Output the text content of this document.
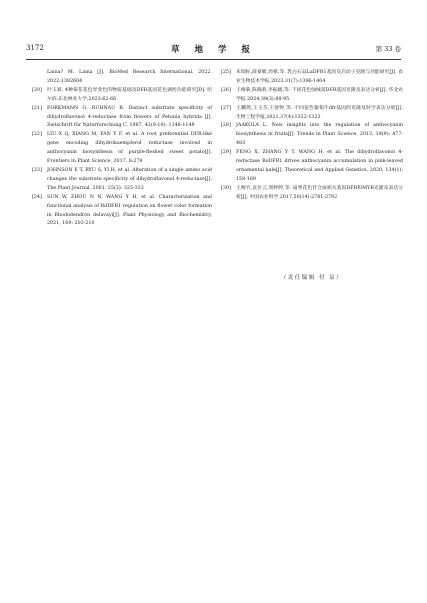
3172	草 地 学 报	第 33 卷
Laina? M. Laina [J]. BioMed Research International, 2022, 2022:1382604
[20] 叶玉斌. 4种菊花花色异变色的物质基础及DFR基因花色调控功能研究[D]. 哈尔滨:东北林业大学,2023:62-66
[21] FORKMANN G, RUHNAU B. Distinct substrate specificity of dihydroflavonol 4-reductase from flowers of Petunia hybrida [J]. Zeitschrift für Naturforschung C, 1987, 42(9-10): 1146-1148
[22] LIU X Q, XIANG M, FAN Y F, et al. A root preferential DFR-like gene encoding dihydrokaempferol reductase involved in anthocyanin biosynthesis of purple-fleshed sweet potato[J]. Frontiers in Plant Science, 2017, 8:279
[23] JOHNSON E T, RYU S, YI H, et al. Alteration of a single amino acid changes the substrate specificity of dihydroflavonol 4-reductase[J]. The Plant Journal, 2001, 25(3): 325-333
[24] SUN W, ZHOU N N, WANG Y H, et al. Characterization and functional analysis of RdDFR1 regulation on flower color formation in Rhododendron delavayi[J]. Plant Physiology and Biochemistry, 2021, 169: 203-210
[25] 朱瑞标,薛嘉敏,周祺,等. 乳白石蒜LaDFR1基因及启动子克隆与功能研究[J]. 农业生物技术学报,2023,31(7):1396-1404
[26] 王梅菊,陈晓莉,李振媛,等. 不同花色绿绒蒿DFR基因克隆及表达分析[J]. 华北农学报,2024,39(3):88-95
[27] 王麟然,王玉芬,王舒婷,等. 不同花色葡萄牛dfr基因的克隆及时空表达分析[J]. 生物工程学报,2021,37(4):1312-1323
[28] JAAKOLA L. New insights into the regulation of anthocyanin biosynthesis in fruits[J]. Trends in Plant Science, 2013, 18(9): 477-483
[29] FENG X, ZHANG Y T, WANG H, et al. The dihydroflavonol 4-reductase BoDFR1 drives anthocyanin accumulation in pink-leaved ornamental kale[J]. Theoretical and Applied Genetics, 2020, 134(1): 159-169
[30] 王梅竹,袁位云,周婷婷,等. 扇萼花色苷合成相关基因DFR和MYB克隆及表达分析[J]. 中国农业科学,2017,50(14):2781-2792
（责任编辑 付 宸）
